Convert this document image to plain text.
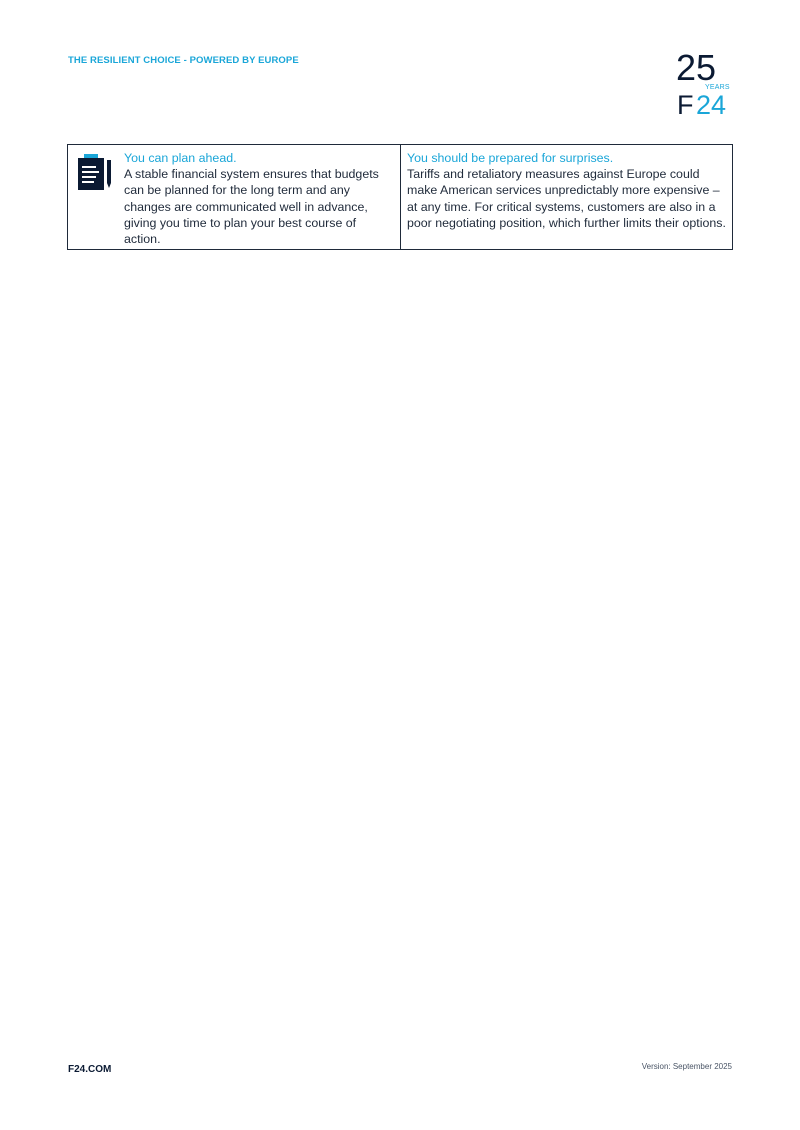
THE RESILIENT CHOICE - POWERED BY EUROPE	25
YEARS
F 24
You can plan ahead.
A stable financial system ensures that budgets can be planned for the long term and any changes are communicated well in advance, giving you time to plan your best course of action.
You should be prepared for surprises.
Tariffs and retaliatory measures against Europe could make American services unpredictably more expensive – at any time. For critical systems, customers are also in a poor negotiating position, which further limits their options.
F24.COM	Version: September 2025
